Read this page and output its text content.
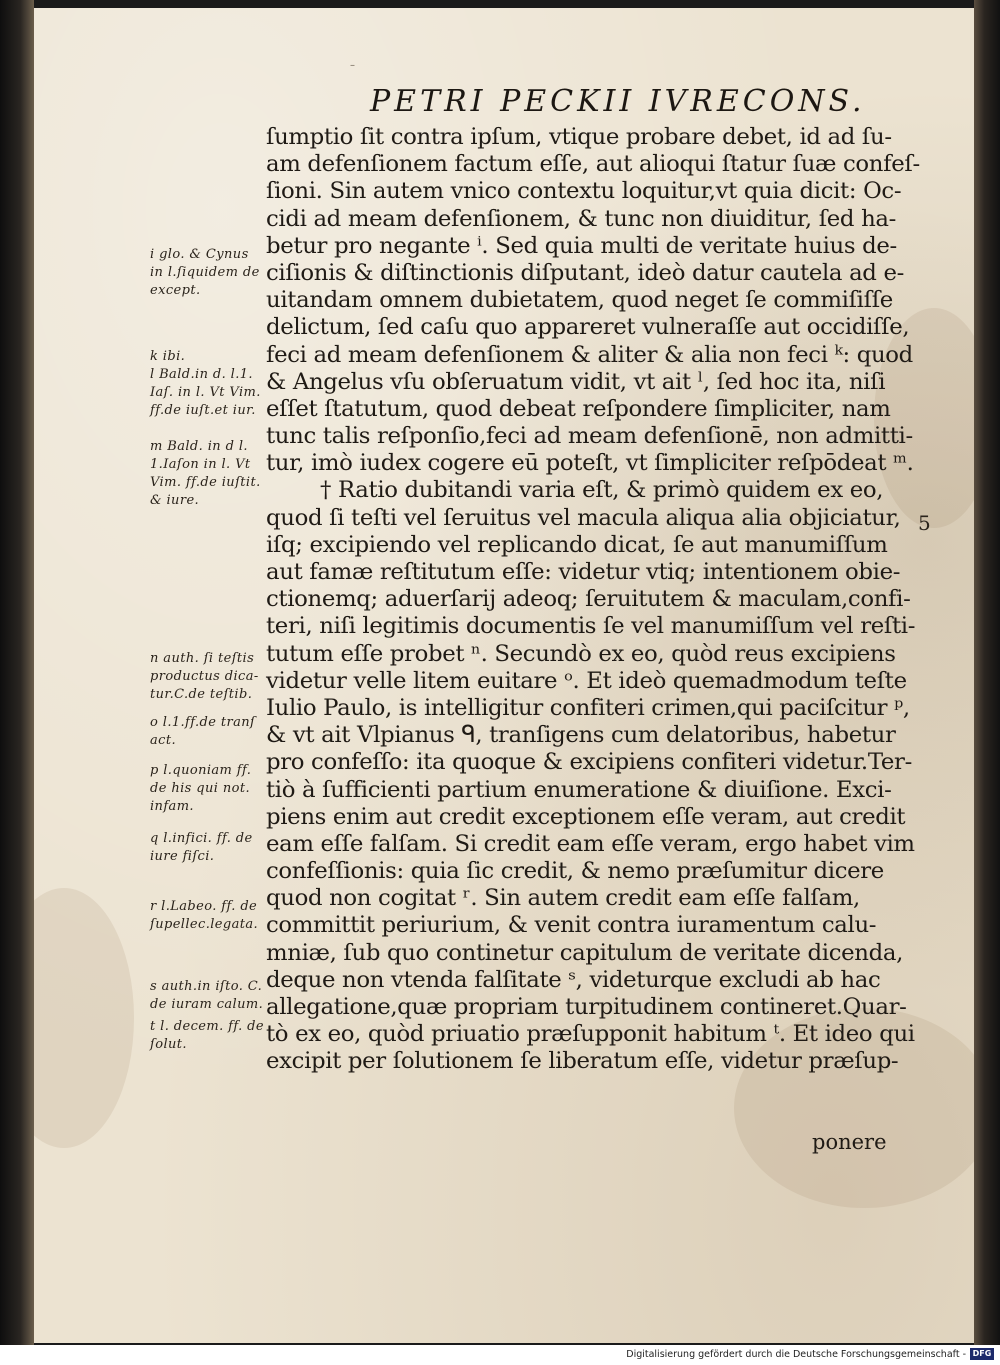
–
PETRI PECKII IVRECONS.
ſumptio ſit contra ipſum, vtique probare debet, id ad ſu-
am defenſionem factum eſſe, aut alioqui ſtatur ſuæ confeſ-
ſioni. Sin autem vnico contextu loquitur,vt quia dicit: Oc-
cidi ad meam defenſionem, & tunc non diuiditur, ſed ha-
betur pro negante ⁱ. Sed quia multi de veritate huius de-
ciſionis & diſtinctionis diſputant, ideò datur cautela ad e-
uitandam omnem dubietatem, quod neget ſe commiſiſſe
delictum, ſed caſu quo appareret vulneraſſe aut occidiſſe,
feci ad meam defenſionem & aliter & alia non feci ᵏ: quod
& Angelus vſu obſeruatum vidit, vt ait ˡ, ſed hoc ita, niſi
eſſet ſtatutum, quod debeat reſpondere ſimpliciter, nam
tunc talis reſponſio,feci ad meam defenſionē, non admitti-
tur, imò iudex cogere eū poteſt, vt ſimpliciter reſpōdeat ᵐ.
† Ratio dubitandi varia eſt, & primò quidem ex eo,
quod ſi teſti vel ſeruitus vel macula aliqua alia objiciatur,
iſq; excipiendo vel replicando dicat, ſe aut manumiſſum
aut famæ reſtitutum eſſe: videtur vtiq; intentionem obie-
ctionemq; aduerſarij adeoq; ſeruitutem & maculam,confi-
teri, niſi legitimis documentis ſe vel manumiſſum vel reſti-
tutum eſſe probet ⁿ. Secundò ex eo, quòd reus excipiens
videtur velle litem euitare ᵒ. Et ideò quemadmodum teſte
Iulio Paulo, is intelligitur confiteri crimen,qui paciſcitur ᵖ,
& vt ait Vlpianus ᑫ, tranſigens cum delatoribus, habetur
pro confeſſo: ita quoque & excipiens confiteri videtur.Ter-
tiò à ſufficienti partium enumeratione & diuiſione. Exci-
piens enim aut credit exceptionem eſſe veram, aut credit
eam eſſe falſam. Si credit eam eſſe veram, ergo habet vim
confeſſionis: quia ſic credit, & nemo præſumitur dicere
quod non cogitat ʳ. Sin autem credit eam eſſe falſam,
committit periurium, & venit contra iuramentum calu-
mniæ, ſub quo continetur capitulum de veritate dicenda,
deque non vtenda falſitate ˢ, videturque excludi ab hac
allegatione,quæ propriam turpitudinem contineret.Quar-
tò ex eo, quòd priuatio præſupponit habitum ᵗ. Et ideo qui
excipit per ſolutionem ſe liberatum eſſe, videtur præſup-
5
ponere
i glo. & Cynus
in l.ſiquidem de
except.
k ibi.
l Bald.in d. l.1.
Iaſ. in l. Vt Vim.
ff.de iuſt.et iur.
m Bald. in d l.
1.Iaſon in l. Vt
Vim. ff.de iuſtit.
& iure.
n auth. ſi teſtis
productus dica-
tur.C.de teſtib.
o l.1.ff.de tranſ
act.
p l.quoniam ff.
de his qui not.
infam.
q l.infici. ff. de
iure fiſci.
r l.Labeo. ff. de
ſupellec.legata.
s auth.in iſto. C.
de iuram calum.
t l. decem. ff. de
ſolut.
Digitalisierung gefördert durch die Deutsche Forschungsgemeinschaft - DFG
